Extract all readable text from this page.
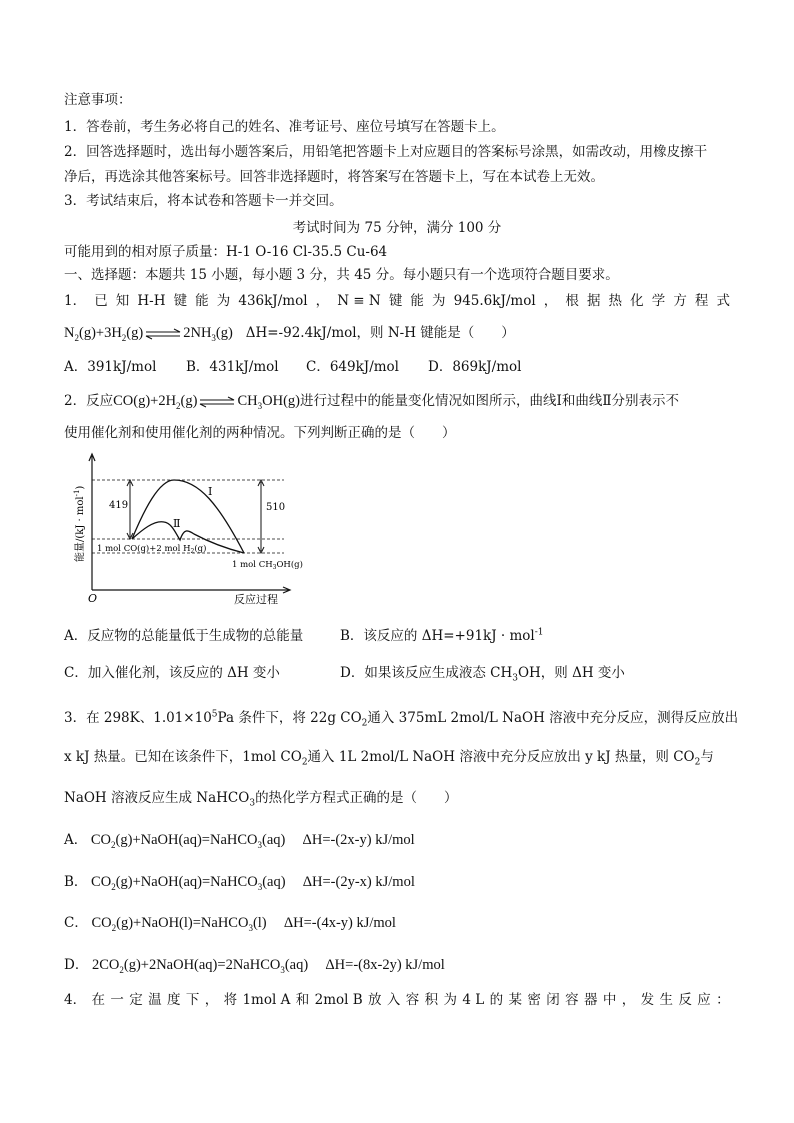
注意事项：
1．答卷前，考生务必将自己的姓名、准考证号、座位号填写在答题卡上。
2．回答选择题时，选出每小题答案后，用铅笔把答题卡上对应题目的答案标号涂黑，如需改动，用橡皮擦干
净后，再选涂其他答案标号。回答非选择题时，将答案写在答题卡上，写在本试卷上无效。
3．考试结束后，将本试卷和答题卡一并交回。
考试时间为 75 分钟，满分 100 分
可能用到的相对原子质量：H-1 O-16 Cl-35.5 Cu-64
一、选择题：本题共 15 小题，每小题 3 分，共 45 分。每小题只有一个选项符合题目要求。
1． 已 知 H-H 键 能 为 436kJ/mol ， N ≡ N 键 能 为 945.6kJ/mol ， 根 据 热 化 学 方 程 式
$N_2(g)+3H_2(g)$ ⇌ $2NH_3(g)$ ΔH=-92.4kJ/mol，则 N-H 键能是（　　）
A．391kJ/mol B．431kJ/mol C．649kJ/mol D．869kJ/mol
2．反应$CO(g)+2H_2(g)$ ⇌ $CH_3OH(g)$进行过程中的能量变化情况如图所示，曲线Ⅰ和曲线Ⅱ分别表示不
使用催化剂和使用催化剂的两种情况。下列判断正确的是（　　）
419	510
Ⅰ
Ⅱ
1 mol CO(g)+2 mol $H_2(g)$
1 mol $CH_3OH(g)$
能量/(kJ · mol$^{-1}$)
O	反应过程
A．反应物的总能量低于生成物的总能量	B．该反应的 ΔH=+91kJ · mol$^{-1}$
C．加入催化剂，该反应的 ΔH 变小	D．如果该反应生成液态 $CH_3OH$，则 ΔH 变小
3．在 298K、$1.01\times 10^5Pa$ 条件下，将 22g $CO_2$通入 375mL 2mol/L NaOH 溶液中充分反应，测得反应放出
x kJ 热量。已知在该条件下，1mol $CO_2$通入 1L 2mol/L NaOH 溶液中充分反应放出 y kJ 热量，则 $CO_2$与
NaOH 溶液反应生成 NaHCO$_3$的热化学方程式正确的是（　　）
A． $CO_2(g)+NaOH(aq)=NaHCO_3(aq)$ ΔH=-(2x-y) kJ/mol
B． $CO_2(g)+NaOH(aq)=NaHCO_3(aq)$ ΔH=-(2y-x) kJ/mol
C． $CO_2(g)+NaOH(l)=NaHCO_3(l)$ ΔH=-(4x-y) kJ/mol
D． $2CO_2(g)+2NaOH(aq)=2NaHCO_3(aq)$ ΔH=-(8x-2y) kJ/mol
4． 在 一 定 温 度 下 ， 将 1mol A 和 2mol B 放 入 容 积 为 4 L 的 某 密 闭 容 器 中 ， 发 生 反 应 ：
